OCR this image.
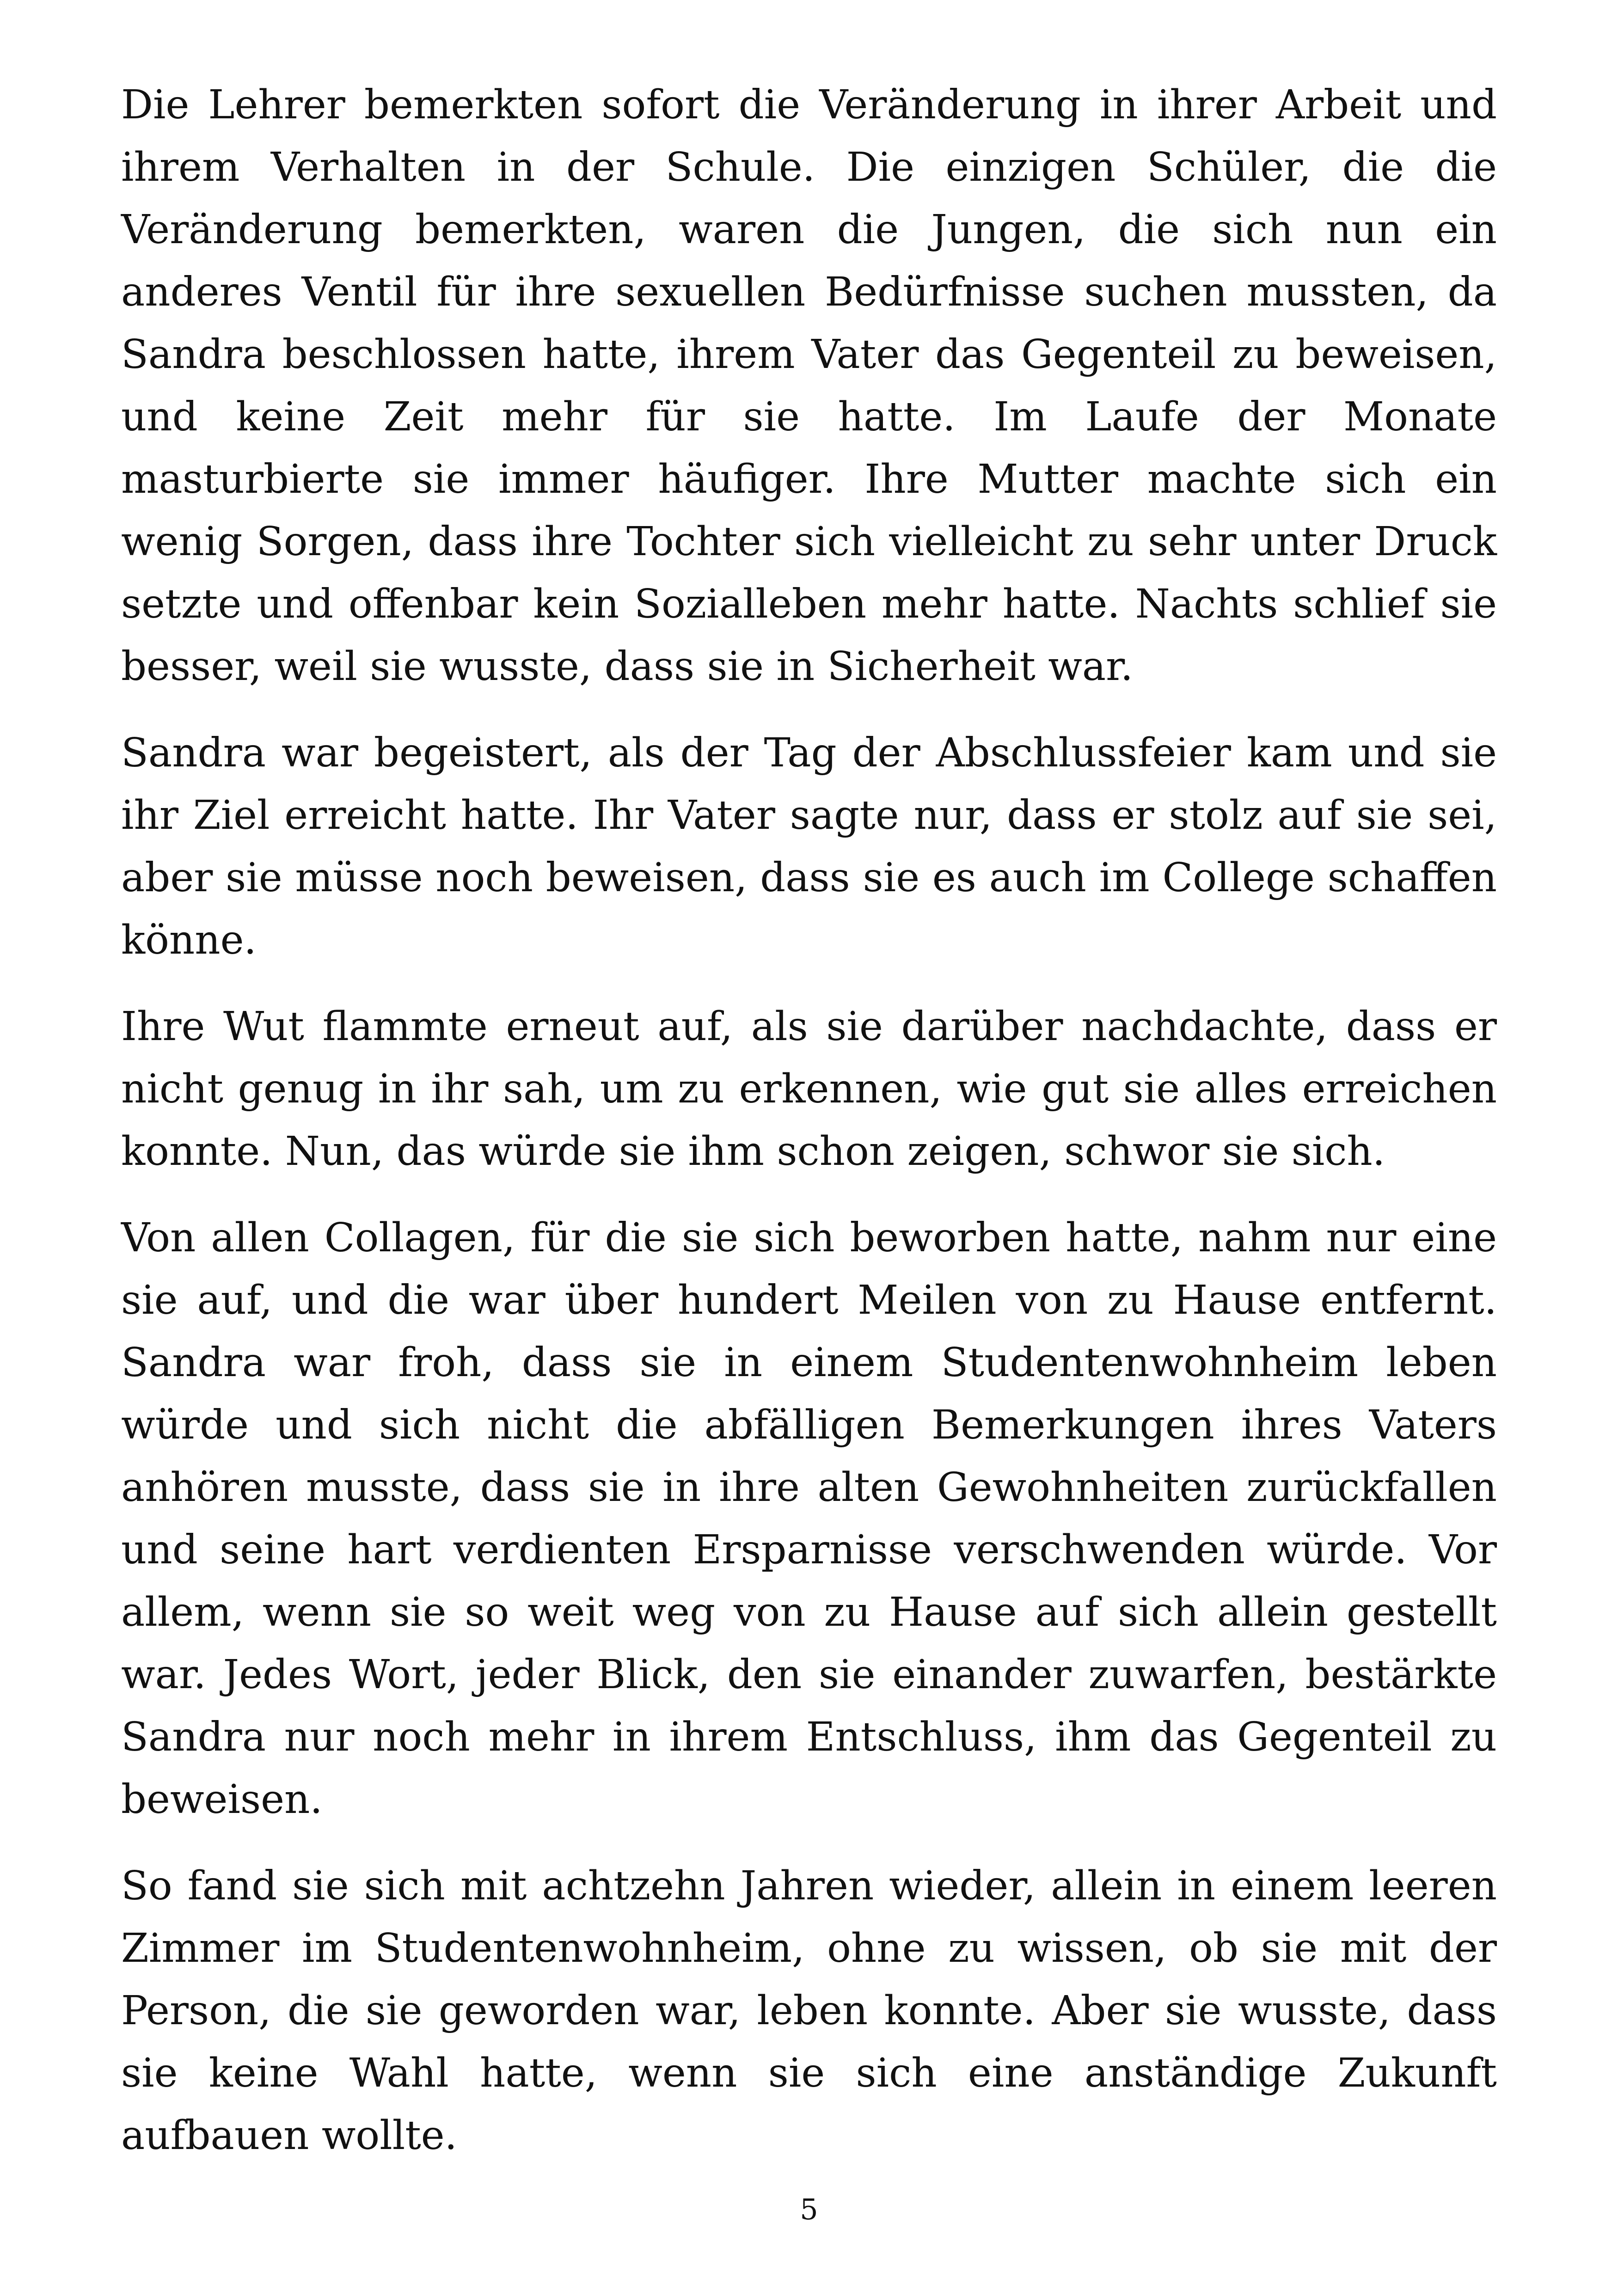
Die Lehrer bemerkten sofort die Veränderung in ihrer Arbeit und ihrem Verhalten in der Schule. Die einzigen Schüler, die die Veränderung bemerkten, waren die Jungen, die sich nun ein anderes Ventil für ihre sexuellen Bedürfnisse suchen mussten, da Sandra beschlossen hatte, ihrem Vater das Gegenteil zu beweisen, und keine Zeit mehr für sie hatte. Im Laufe der Monate masturbierte sie immer häufiger. Ihre Mutter machte sich ein wenig Sorgen, dass ihre Tochter sich vielleicht zu sehr unter Druck setzte und offenbar kein Sozialleben mehr hatte. Nachts schlief sie besser, weil sie wusste, dass sie in Sicherheit war.

Sandra war begeistert, als der Tag der Abschlussfeier kam und sie ihr Ziel erreicht hatte. Ihr Vater sagte nur, dass er stolz auf sie sei, aber sie müsse noch beweisen, dass sie es auch im College schaffen könne.

Ihre Wut flammte erneut auf, als sie darüber nachdachte, dass er nicht genug in ihr sah, um zu erkennen, wie gut sie alles erreichen konnte. Nun, das würde sie ihm schon zeigen, schwor sie sich.

Von allen Collagen, für die sie sich beworben hatte, nahm nur eine sie auf, und die war über hundert Meilen von zu Hause entfernt. Sandra war froh, dass sie in einem Studentenwohnheim leben würde und sich nicht die abfälligen Bemerkungen ihres Vaters anhören musste, dass sie in ihre alten Gewohnheiten zurückfallen und seine hart verdienten Ersparnisse verschwenden würde. Vor allem, wenn sie so weit weg von zu Hause auf sich allein gestellt war. Jedes Wort, jeder Blick, den sie einander zuwarfen, bestärkte Sandra nur noch mehr in ihrem Entschluss, ihm das Gegenteil zu beweisen.

So fand sie sich mit achtzehn Jahren wieder, allein in einem leeren Zimmer im Studentenwohnheim, ohne zu wissen, ob sie mit der Person, die sie geworden war, leben konnte. Aber sie wusste, dass sie keine Wahl hatte, wenn sie sich eine anständige Zukunft aufbauen wollte.

5
